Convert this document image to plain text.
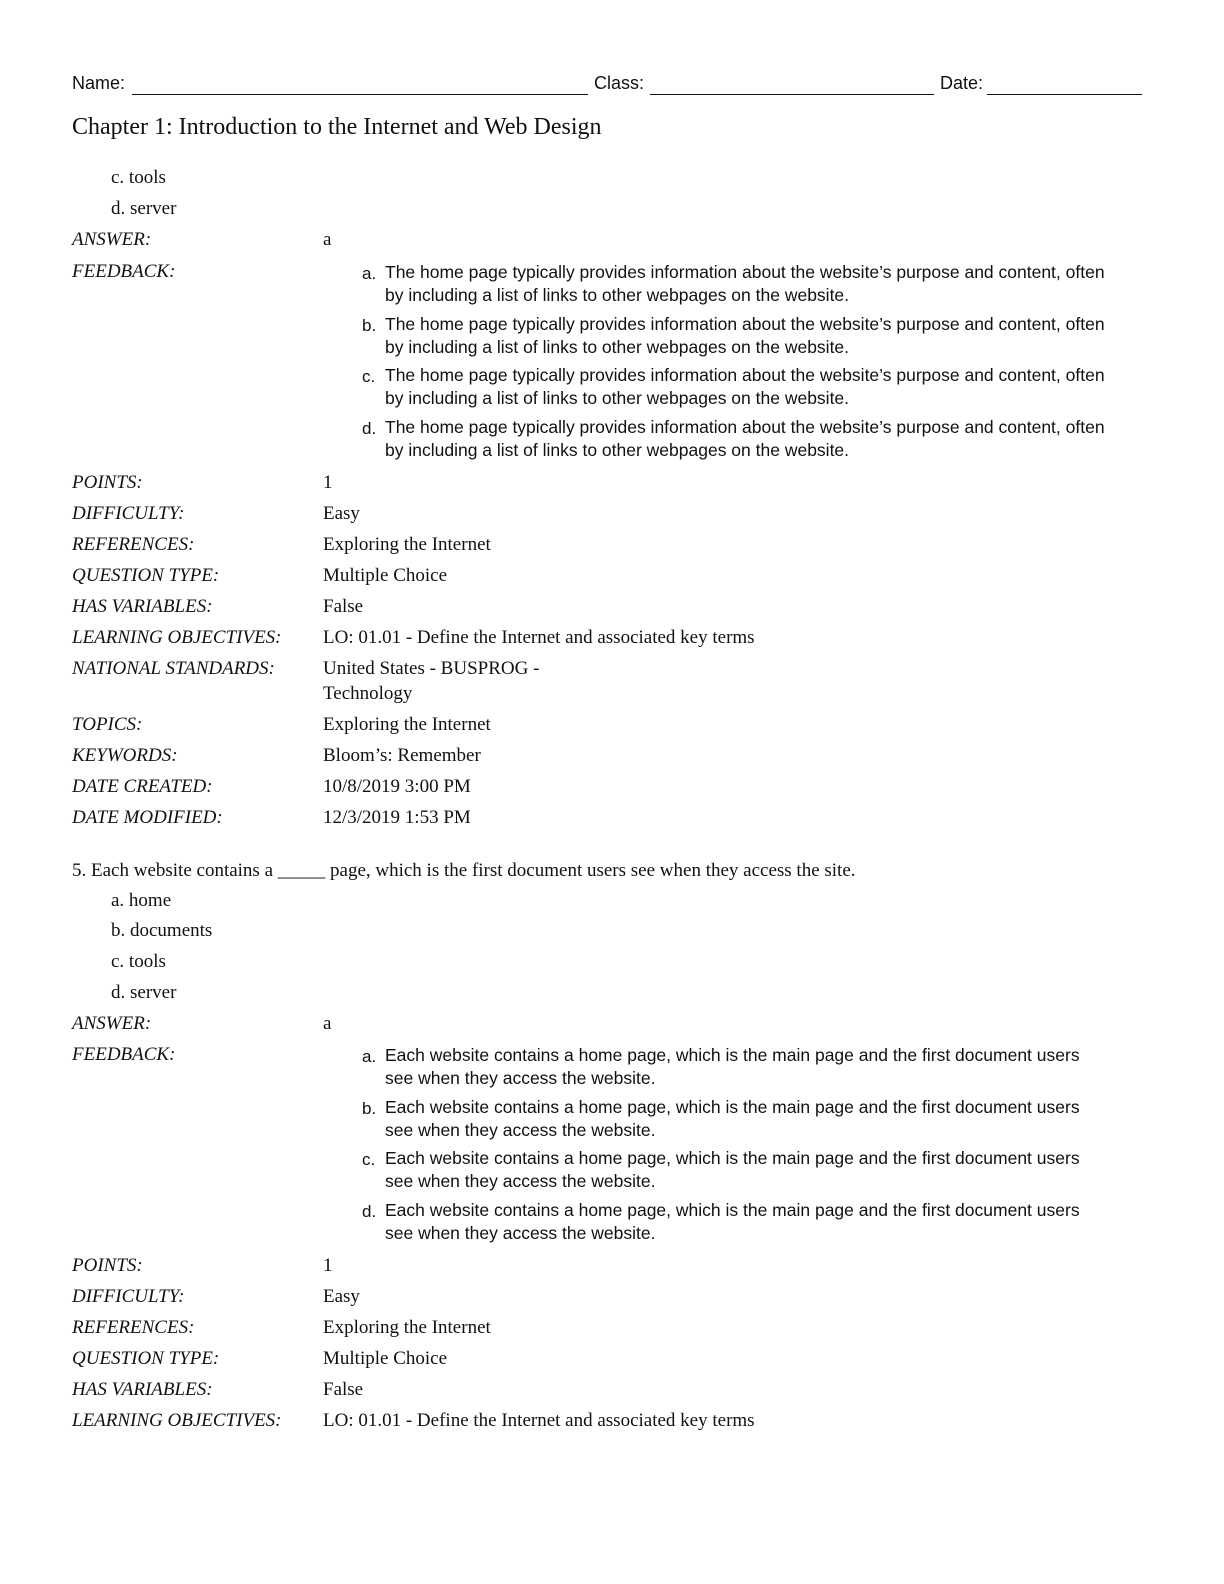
Name:	Class:	Date:
Chapter 1: Introduction to the Internet and Web Design
c. tools
d. server
ANSWER:	a
FEEDBACK:	a. The home page typically provides information about the website’s purpose and content, often by including a list of links to other webpages on the website.
b. The home page typically provides information about the website’s purpose and content, often by including a list of links to other webpages on the website.
c. The home page typically provides information about the website’s purpose and content, often by including a list of links to other webpages on the website.
d. The home page typically provides information about the website’s purpose and content, often by including a list of links to other webpages on the website.
POINTS:	1
DIFFICULTY:	Easy
REFERENCES:	Exploring the Internet
QUESTION TYPE:	Multiple Choice
HAS VARIABLES:	False
LEARNING OBJECTIVES: LO: 01.01 - Define the Internet and associated key terms
NATIONAL STANDARDS:	United States - BUSPROG -
Technology
TOPICS:	Exploring the Internet
KEYWORDS:	Bloom’s: Remember
DATE CREATED:	10/8/2019 3:00 PM
DATE MODIFIED:	12/3/2019 1:53 PM
5. Each website contains a _____ page, which is the first document users see when they access the site.
a. home
b. documents
c. tools
d. server
ANSWER:	a
FEEDBACK:	a. Each website contains a home page, which is the main page and the first document users see when they access the website.
b. Each website contains a home page, which is the main page and the first document users see when they access the website.
c. Each website contains a home page, which is the main page and the first document users see when they access the website.
d. Each website contains a home page, which is the main page and the first document users see when they access the website.
POINTS:	1
DIFFICULTY:	Easy
REFERENCES:	Exploring the Internet
QUESTION TYPE:	Multiple Choice
HAS VARIABLES:	False
LEARNING OBJECTIVES: LO: 01.01 - Define the Internet and associated key terms
